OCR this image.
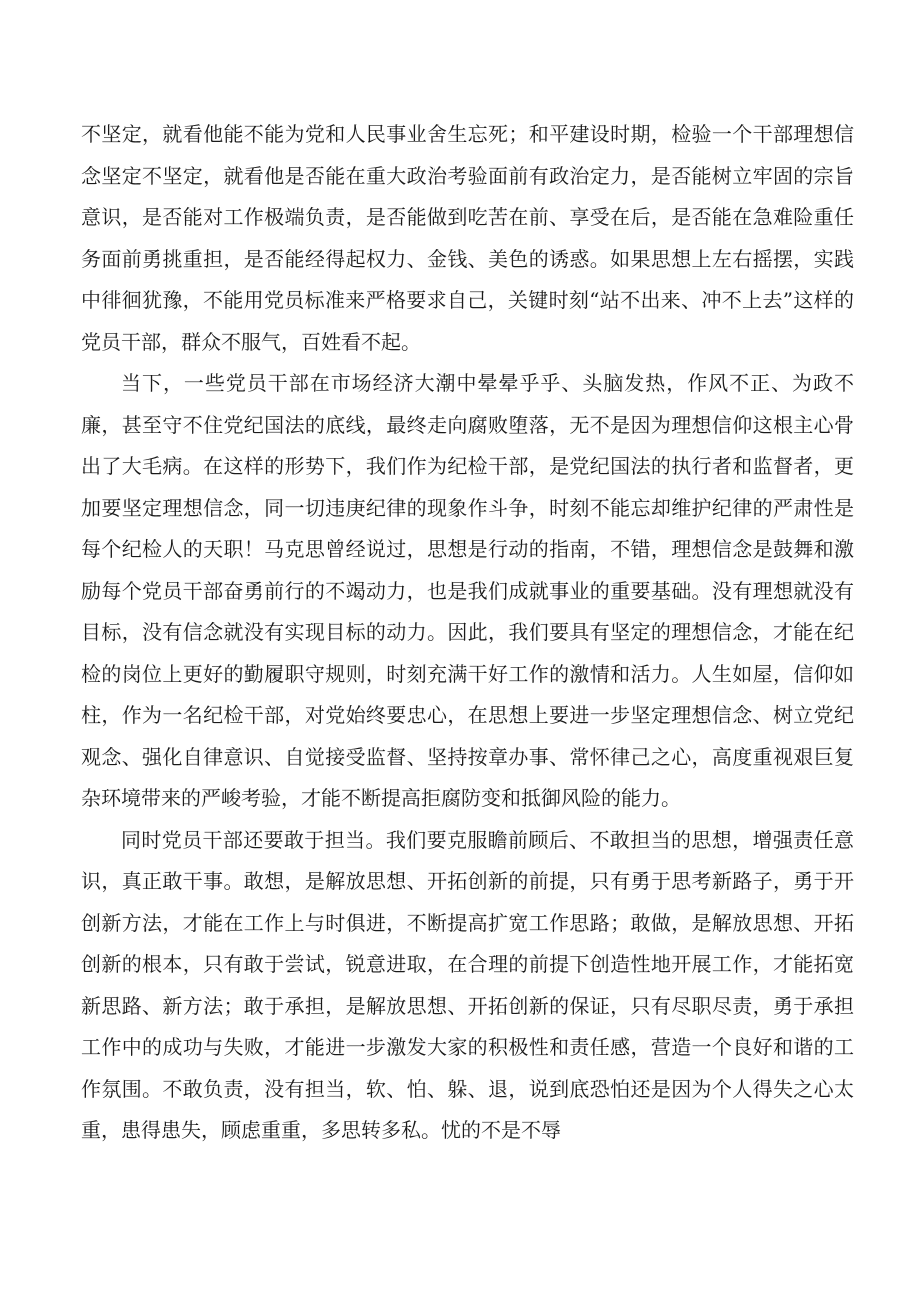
不坚定，就看他能不能为党和人民事业舍生忘死；和平建设时期，检验一个干部理想信念坚定不坚定，就看他是否能在重大政治考验面前有政治定力，是否能树立牢固的宗旨意识，是否能对工作极端负责，是否能做到吃苦在前、享受在后，是否能在急难险重任务面前勇挑重担，是否能经得起权力、金钱、美色的诱惑。如果思想上左右摇摆，实践中徘徊犹豫，不能用党员标准来严格要求自己，关键时刻“站不出来、冲不上去”这样的党员干部，群众不服气，百姓看不起。

当下，一些党员干部在市场经济大潮中晕晕乎乎、头脑发热，作风不正、为政不廉，甚至守不住党纪国法的底线，最终走向腐败堕落，无不是因为理想信仰这根主心骨出了大毛病。在这样的形势下，我们作为纪检干部，是党纪国法的执行者和监督者，更加要坚定理想信念，同一切违庚纪律的现象作斗争，时刻不能忘却维护纪律的严肃性是每个纪检人的天职！马克思曾经说过，思想是行动的指南，不错，理想信念是鼓舞和激励每个党员干部奋勇前行的不竭动力，也是我们成就事业的重要基础。没有理想就没有目标，没有信念就没有实现目标的动力。因此，我们要具有坚定的理想信念，才能在纪检的岗位上更好的勤履职守规则，时刻充满干好工作的激情和活力。人生如屋，信仰如柱，作为一名纪检干部，对党始终要忠心，在思想上要进一步坚定理想信念、树立党纪观念、强化自律意识、自觉接受监督、坚持按章办事、常怀律己之心，高度重视艰巨复杂环境带来的严峻考验，才能不断提高拒腐防变和抵御风险的能力。

同时党员干部还要敢于担当。我们要克服瞻前顾后、不敢担当的思想，增强责任意识，真正敢干事。敢想，是解放思想、开拓创新的前提，只有勇于思考新路子，勇于开创新方法，才能在工作上与时俱进，不断提高扩宽工作思路；敢做，是解放思想、开拓创新的根本，只有敢于尝试，锐意进取，在合理的前提下创造性地开展工作，才能拓宽新思路、新方法；敢于承担，是解放思想、开拓创新的保证，只有尽职尽责，勇于承担工作中的成功与失败，才能进一步激发大家的积极性和责任感，营造一个良好和谐的工作氛围。不敢负责，没有担当，软、怕、躲、退，说到底恐怕还是因为个人得失之心太重，患得患失，顾虑重重，多思转多私。忧的不是不辱
